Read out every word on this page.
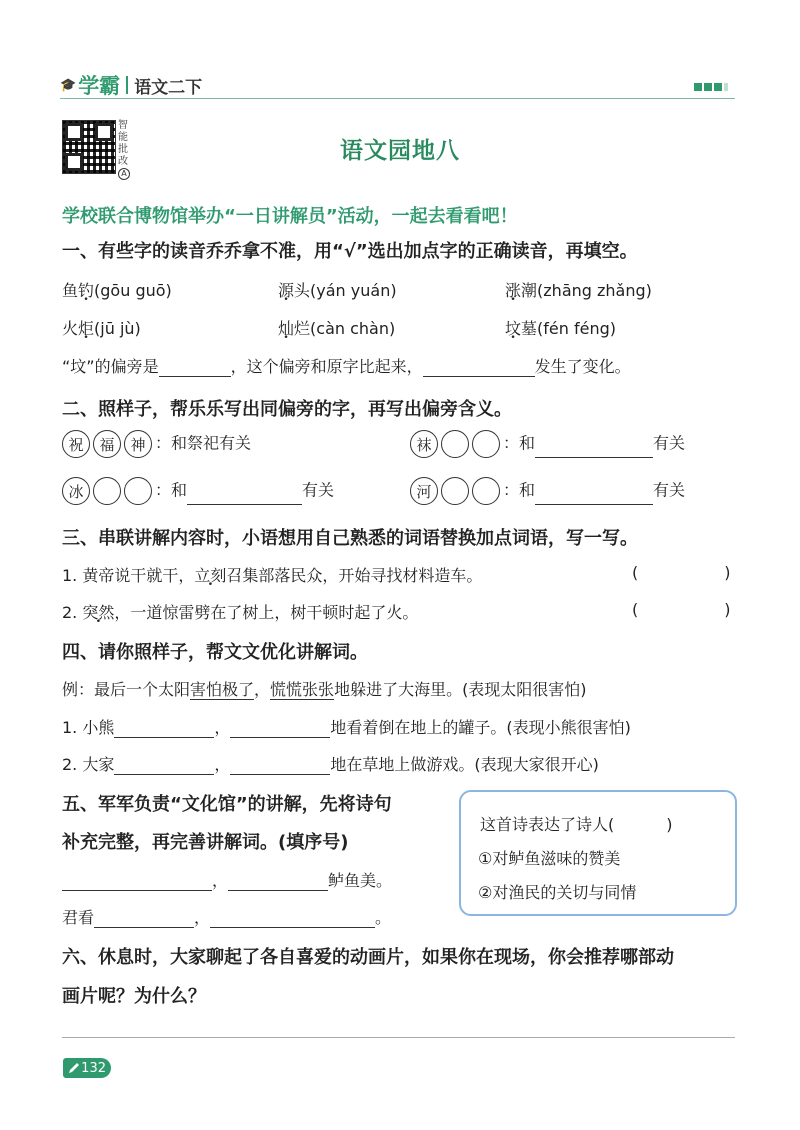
🎓 学霸 语文二下
智
能
批
改
A
语文园地八
学校联合博物馆举办“一日讲解员”活动，一起去看看吧！
一、有些字的读音乔乔拿不准，用“√”选出加点字的正确读音，再填空。
鱼钓(gōu guō)	源头(yán yuán)	涨潮(zhāng zhǎng)
火炬(jū jù)	灿烂(càn chàn)	坟墓(fén féng)
“坟”的偏旁是	，这个偏旁和原字比起来，	发生了变化。
二、照样子，帮乐乐写出同偏旁的字，再写出偏旁含义。
祝 福 神 ：和祭祀有关	袜	：和	有关
冰	：和	有关	河	：和	有关
三、串联讲解内容时，小语想用自己熟悉的词语替换加点词语，写一写。
1. 黄帝说干就干，立刻召集部落民众，开始寻找材料造车。	(	)
2. 突然，一道惊雷劈在了树上，树干顿时起了火。	(	)
四、请你照样子，帮文文优化讲解词。
例：最后一个太阳害怕极了，慌慌张张地躲进了大海里。(表现太阳很害怕)
1. 小熊	，	地看着倒在地上的罐子。(表现小熊很害怕)
2. 大家	，	地在草地上做游戏。(表现大家很开心)
五、军军负责“文化馆”的讲解，先将诗句
补充完整，再完善讲解词。(填序号)
，	鲈鱼美。
君看	，	。
这首诗表达了诗人(	)
①对鲈鱼滋味的赞美
②对渔民的关切与同情
六、休息时，大家聊起了各自喜爱的动画片，如果你在现场，你会推荐哪部动
画片呢？为什么？
132
